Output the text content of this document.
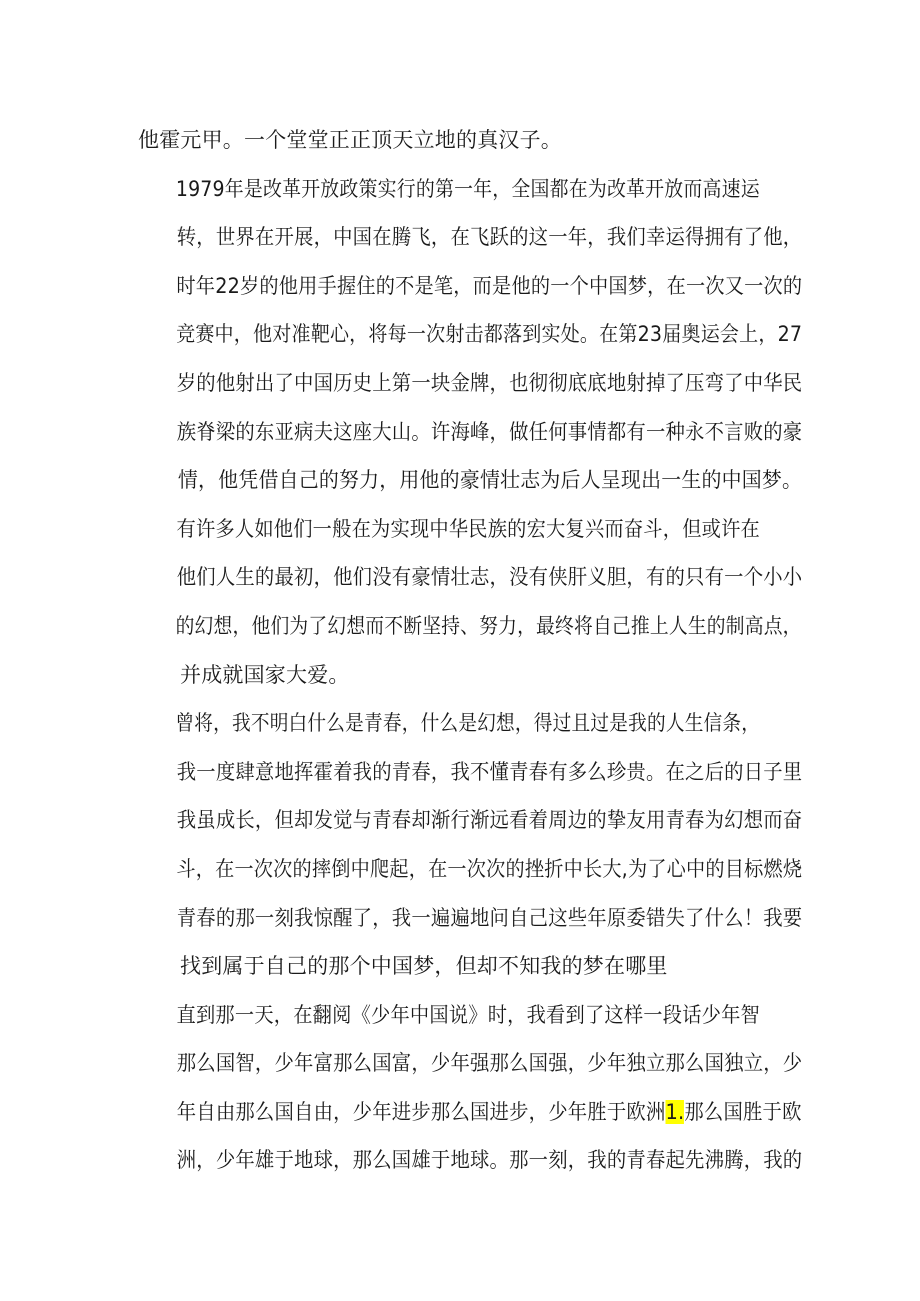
他霍元甲。一个堂堂正正顶天立地的真汉子。

1979年是改革开放政策实行的第一年，全国都在为改革开放而高速运
转，世界在开展，中国在腾飞，在飞跃的这一年，我们幸运得拥有了他，
时年22岁的他用手握住的不是笔，而是他的一个中国梦，在一次又一次的
竞赛中，他对准靶心，将每一次射击都落到实处。在第23届奥运会上，27
岁的他射出了中国历史上第一块金牌，也彻彻底底地射掉了压弯了中华民
族脊梁的东亚病夫这座大山。许海峰，做任何事情都有一种永不言败的豪
情，他凭借自己的努力，用他的豪情壮志为后人呈现出一生的中国梦。

有许多人如他们一般在为实现中华民族的宏大复兴而奋斗，但或许在
他们人生的最初，他们没有豪情壮志，没有侠肝义胆，有的只有一个小小
的幻想，他们为了幻想而不断坚持、努力，最终将自己推上人生的制高点，
并成就国家大爱。

曾将，我不明白什么是青春，什么是幻想，得过且过是我的人生信条，
我一度肆意地挥霍着我的青春，我不懂青春有多么珍贵。在之后的日子里
我虽成长，但却发觉与青春却渐行渐远看着周边的挚友用青春为幻想而奋
斗，在一次次的摔倒中爬起，在一次次的挫折中长大,为了心中的目标燃烧
青春的那一刻我惊醒了，我一遍遍地问自己这些年原委错失了什么！我要
找到属于自己的那个中国梦，但却不知我的梦在哪里

直到那一天，在翻阅《少年中国说》时，我看到了这样一段话少年智
那么国智，少年富那么国富，少年强那么国强，少年独立那么国独立，少
年自由那么国自由，少年进步那么国进步，少年胜于欧洲1.那么国胜于欧
洲，少年雄于地球，那么国雄于地球。那一刻，我的青春起先沸腾，我的
